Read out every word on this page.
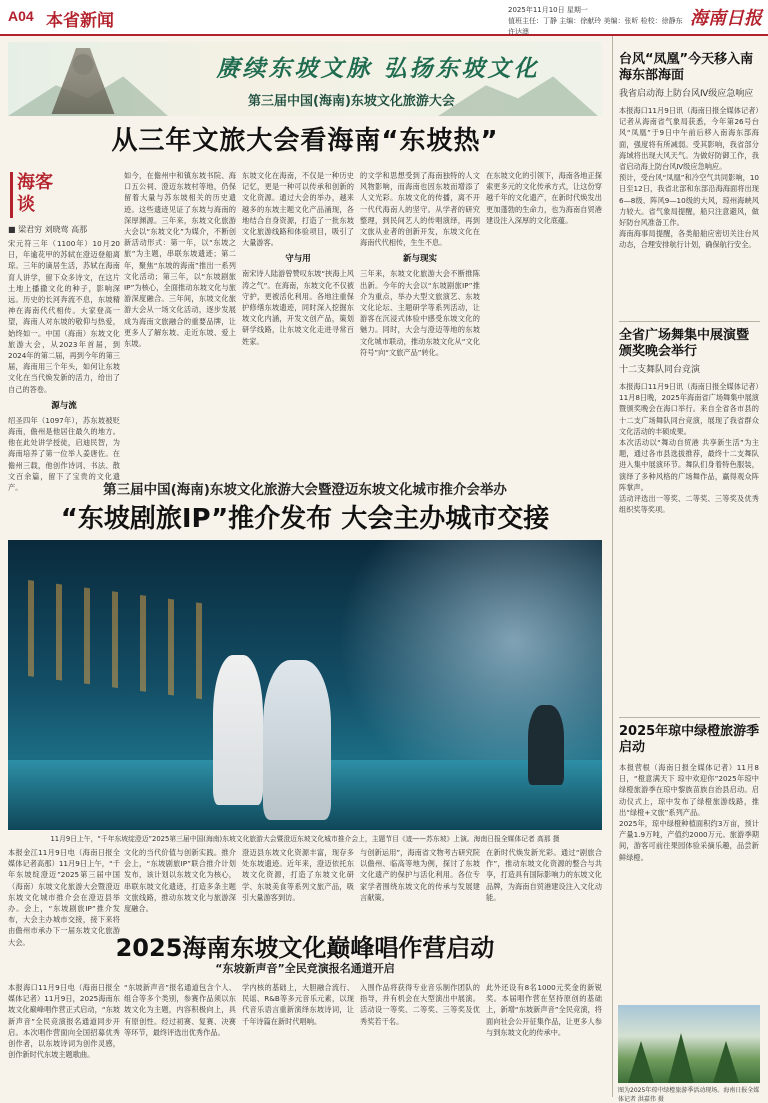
A04 本省新闻
2025年11月10日 星期一
值班主任：丁静 主编：徐献玲 美编：张昕 检校：徐静东 许达澳
海南日报
赓续东坡文脉 弘扬东坡文化
第三届中国(海南)东坡文化旅游大会
从三年文旅大会看海南“东坡热”
海客谈
■ 梁君穷 刘晓莺 高那

宋元符三年（1100年）10月20日，年逾花甲的苏轼在澄迈登船离琼。三年的谪居生活，苏轼在海南育人讲学，留下众多诗文，在这片土地上播撒文化的种子，影响深远。历史的长河奔流不息，东坡精神在海南代代相传。大家登高一望，海南人对东坡的敬仰与热爱，始终如一。中国（海南）东坡文化旅游大会，从2023年首届，到2024年的第二届，再到今年的第三届，海南用三个年头，如何让东坡文化在当代焕发新的活力，给出了自己的答卷。

源与流

绍圣四年（1097年），苏东坡被贬海南，儋州是他居住最久的地方。他在此处讲学授徒，启迪民智，为海南培养了第一位举人姜唐佐。在儋州三载，他创作诗词、书法、散文百余篇，留下了宝贵的文化遗产。

如今，在儋州中和镇东坡书院、海口五公祠、澄迈东坡村等地，仍保留着大量与苏东坡相关的历史遗迹。这些遗迹见证了东坡与海南的深厚渊源。三年来，东坡文化旅游大会以“东坡文化”为媒介，不断创新活动形式：第一年，以“东坡之旅”为主题，串联东坡遗迹；第二年，聚焦“东坡的海南”推出一系列文化活动；第三年，以“东坡剧旅IP”为核心，全面推动东坡文化与旅游深度融合。三年间，东坡文化旅游大会从一场文化活动，逐步发展成为海南文旅融合的重要品牌，让更多人了解东坡、走近东坡、爱上东坡。

东坡文化在海南，不仅是一种历史记忆，更是一种可以传承和创新的文化资源。通过大会的举办，越来越多的东坡主题文化产品涌现，各地结合自身资源，打造了一批东坡文化旅游线路和体验项目，吸引了大量游客。

守与用

南宋诗人陆游曾赞叹东坡“挟海上风涛之气”。在海南，东坡文化不仅被守护，更被活化利用。各地注重保护修缮东坡遗迹，同时深入挖掘东坡文化内涵，开发文创产品，策划研学线路，让东坡文化走进寻常百姓家。

的文学和思想受到了海南独特的人文风物影响，而海南也因东坡而增添了人文光彩。东坡文化的传播，离不开一代代海南人的坚守。从学者的研究整理，到民间艺人的传唱演绎，再到文旅从业者的创新开发，东坡文化在海南代代相传，生生不息。

新与现实

三年来，东坡文化旅游大会不断推陈出新。今年的大会以“东坡剧旅IP”推介为重点，举办大型文旅演艺、东坡文化论坛、主题研学等系列活动，让游客在沉浸式体验中感受东坡文化的魅力。同时，大会与澄迈等地的东坡文化城市联动，推动东坡文化从“文化符号”向“文旅产品”转化。

在东坡文化的引领下，海南各地正探索更多元的文化传承方式，让这份穿越千年的文化遗产，在新时代焕发出更加蓬勃的生命力，也为海南自贸港建设注入深厚的文化底蕴。

第三届中国(海南)东坡文化旅游大会暨澄迈东坡文化城市推介会举办
“东坡剧旅IP”推介发布 大会主办城市交接
11月9日上午，“千年东坡绽澄迈”2025第三届中国(海南)东坡文化旅游大会暨澄迈东坡文化城市推介会上，主题节目《迹——苏东坡》上演。海南日报全媒体记者 高那 摄

本报金江11月9日电（海南日报全媒体记者高那）11月9日上午，“千年东坡绽澄迈”2025第三届中国（海南）东坡文化旅游大会暨澄迈东坡文化城市推介会在澄迈县举办。会上，“东坡剧旅IP”推介发布，大会主办城市交接，接下来将由儋州市承办下一届东坡文化旅游大会。

文化的当代价值与创新实践。推介会上，“东坡剧旅IP”联合推介计划发布，该计划以东坡文化为核心，串联东坡文化遗迹，打造多条主题文旅线路，推动东坡文化与旅游深度融合。

澄迈县东坡文化资源丰富，现存多处东坡遗迹。近年来，澄迈依托东坡文化资源，打造了东坡文化研学、东坡美食等系列文旅产品，吸引大量游客到访。

与创新运用”，海南省文物考古研究院以儋州、临高等地为例，探讨了东坡文化遗产的保护与活化利用。各位专家学者围绕东坡文化的传承与发展建言献策。

在新时代焕发新光彩。通过“剧旅合作”，推动东坡文化资源的整合与共享，打造具有国际影响力的东坡文化品牌，为海南自贸港建设注入文化动能。

2025海南东坡文化巅峰唱作营启动
“东坡新声音”全民竞演报名通道开启

本报海口11月9日电（海南日报全媒体记者）11月9日，2025海南东坡文化巅峰唱作营正式启动，“东坡新声音”全民竞演报名通道同步开启。本次唱作营面向全国招募优秀创作者，以东坡诗词为创作灵感，创作新时代东坡主题歌曲。

“东坡新声音”报名通道包含个人、组合等多个类别，参赛作品须以东坡文化为主题，内容积极向上，具有原创性。经过初赛、复赛、决赛等环节，最终评选出优秀作品。

学内核的基础上，大胆融合流行、民谣、R&B等多元音乐元素，以现代音乐语言重新演绎东坡诗词，让千年诗篇在新时代唱响。

入围作品将获得专业音乐制作团队的指导，并有机会在大型演出中展演。活动设一等奖、二等奖、三等奖及优秀奖若干名。

此外还设有8名1000元奖金的新锐奖。本届唱作营在坚持原创的基础上，新增“东坡新声音”全民竞演，将面向社会公开征集作品，让更多人参与到东坡文化的传承中。

台风“凤凰”今天移入南海东部海面
我省启动海上防台风Ⅳ级应急响应
本报海口11月9日讯（海南日报全媒体记者）记者从海南省气象局获悉，今年第26号台风“凤凰”于9日中午前后移入南海东部海面，强度将有所减弱。受其影响，我省部分海域将出现大风天气。为做好防御工作，我省启动海上防台风Ⅳ级应急响应。
预计，受台风“凤凰”和冷空气共同影响，10日至12日，我省北部和东部沿海海面将出现6—8级、阵风9—10级的大风，琼州海峡风力较大。省气象局提醒，船只注意避风，做好防台风准备工作。
海南海事局提醒，各类船舶应密切关注台风动态，合理安排航行计划，确保航行安全。
全省广场舞集中展演暨颁奖晚会举行
十二支舞队同台竞演
本报海口11月9日讯（海南日报全媒体记者）11月8日晚，2025年海南省广场舞集中展演暨颁奖晚会在海口举行。来自全省各市县的十二支广场舞队同台竞演，展现了我省群众文化活动的丰硕成果。
本次活动以“舞动自贸港 共享新生活”为主题，通过各市县选拔推荐，最终十二支舞队进入集中展演环节。舞队们身着特色服装，演绎了多种风格的广场舞作品，赢得观众阵阵掌声。
活动评选出一等奖、二等奖、三等奖及优秀组织奖等奖项。
2025年琼中绿橙旅游季启动
本报营根（海南日报全媒体记者）11月8日，“橙意满天下 琼中欢迎你”2025年琼中绿橙旅游季在琼中黎族苗族自治县启动。启动仪式上，琼中发布了绿橙旅游线路，推出“绿橙+文旅”系列产品。
2025年，琼中绿橙种植面积约3万亩，预计产量1.9万吨，产值约2000万元。旅游季期间，游客可前往果园体验采摘乐趣，品尝新鲜绿橙。
图为2025年琼中绿橙旅游季活动现场。海南日报全媒体记者 洪嘉伟 摄
